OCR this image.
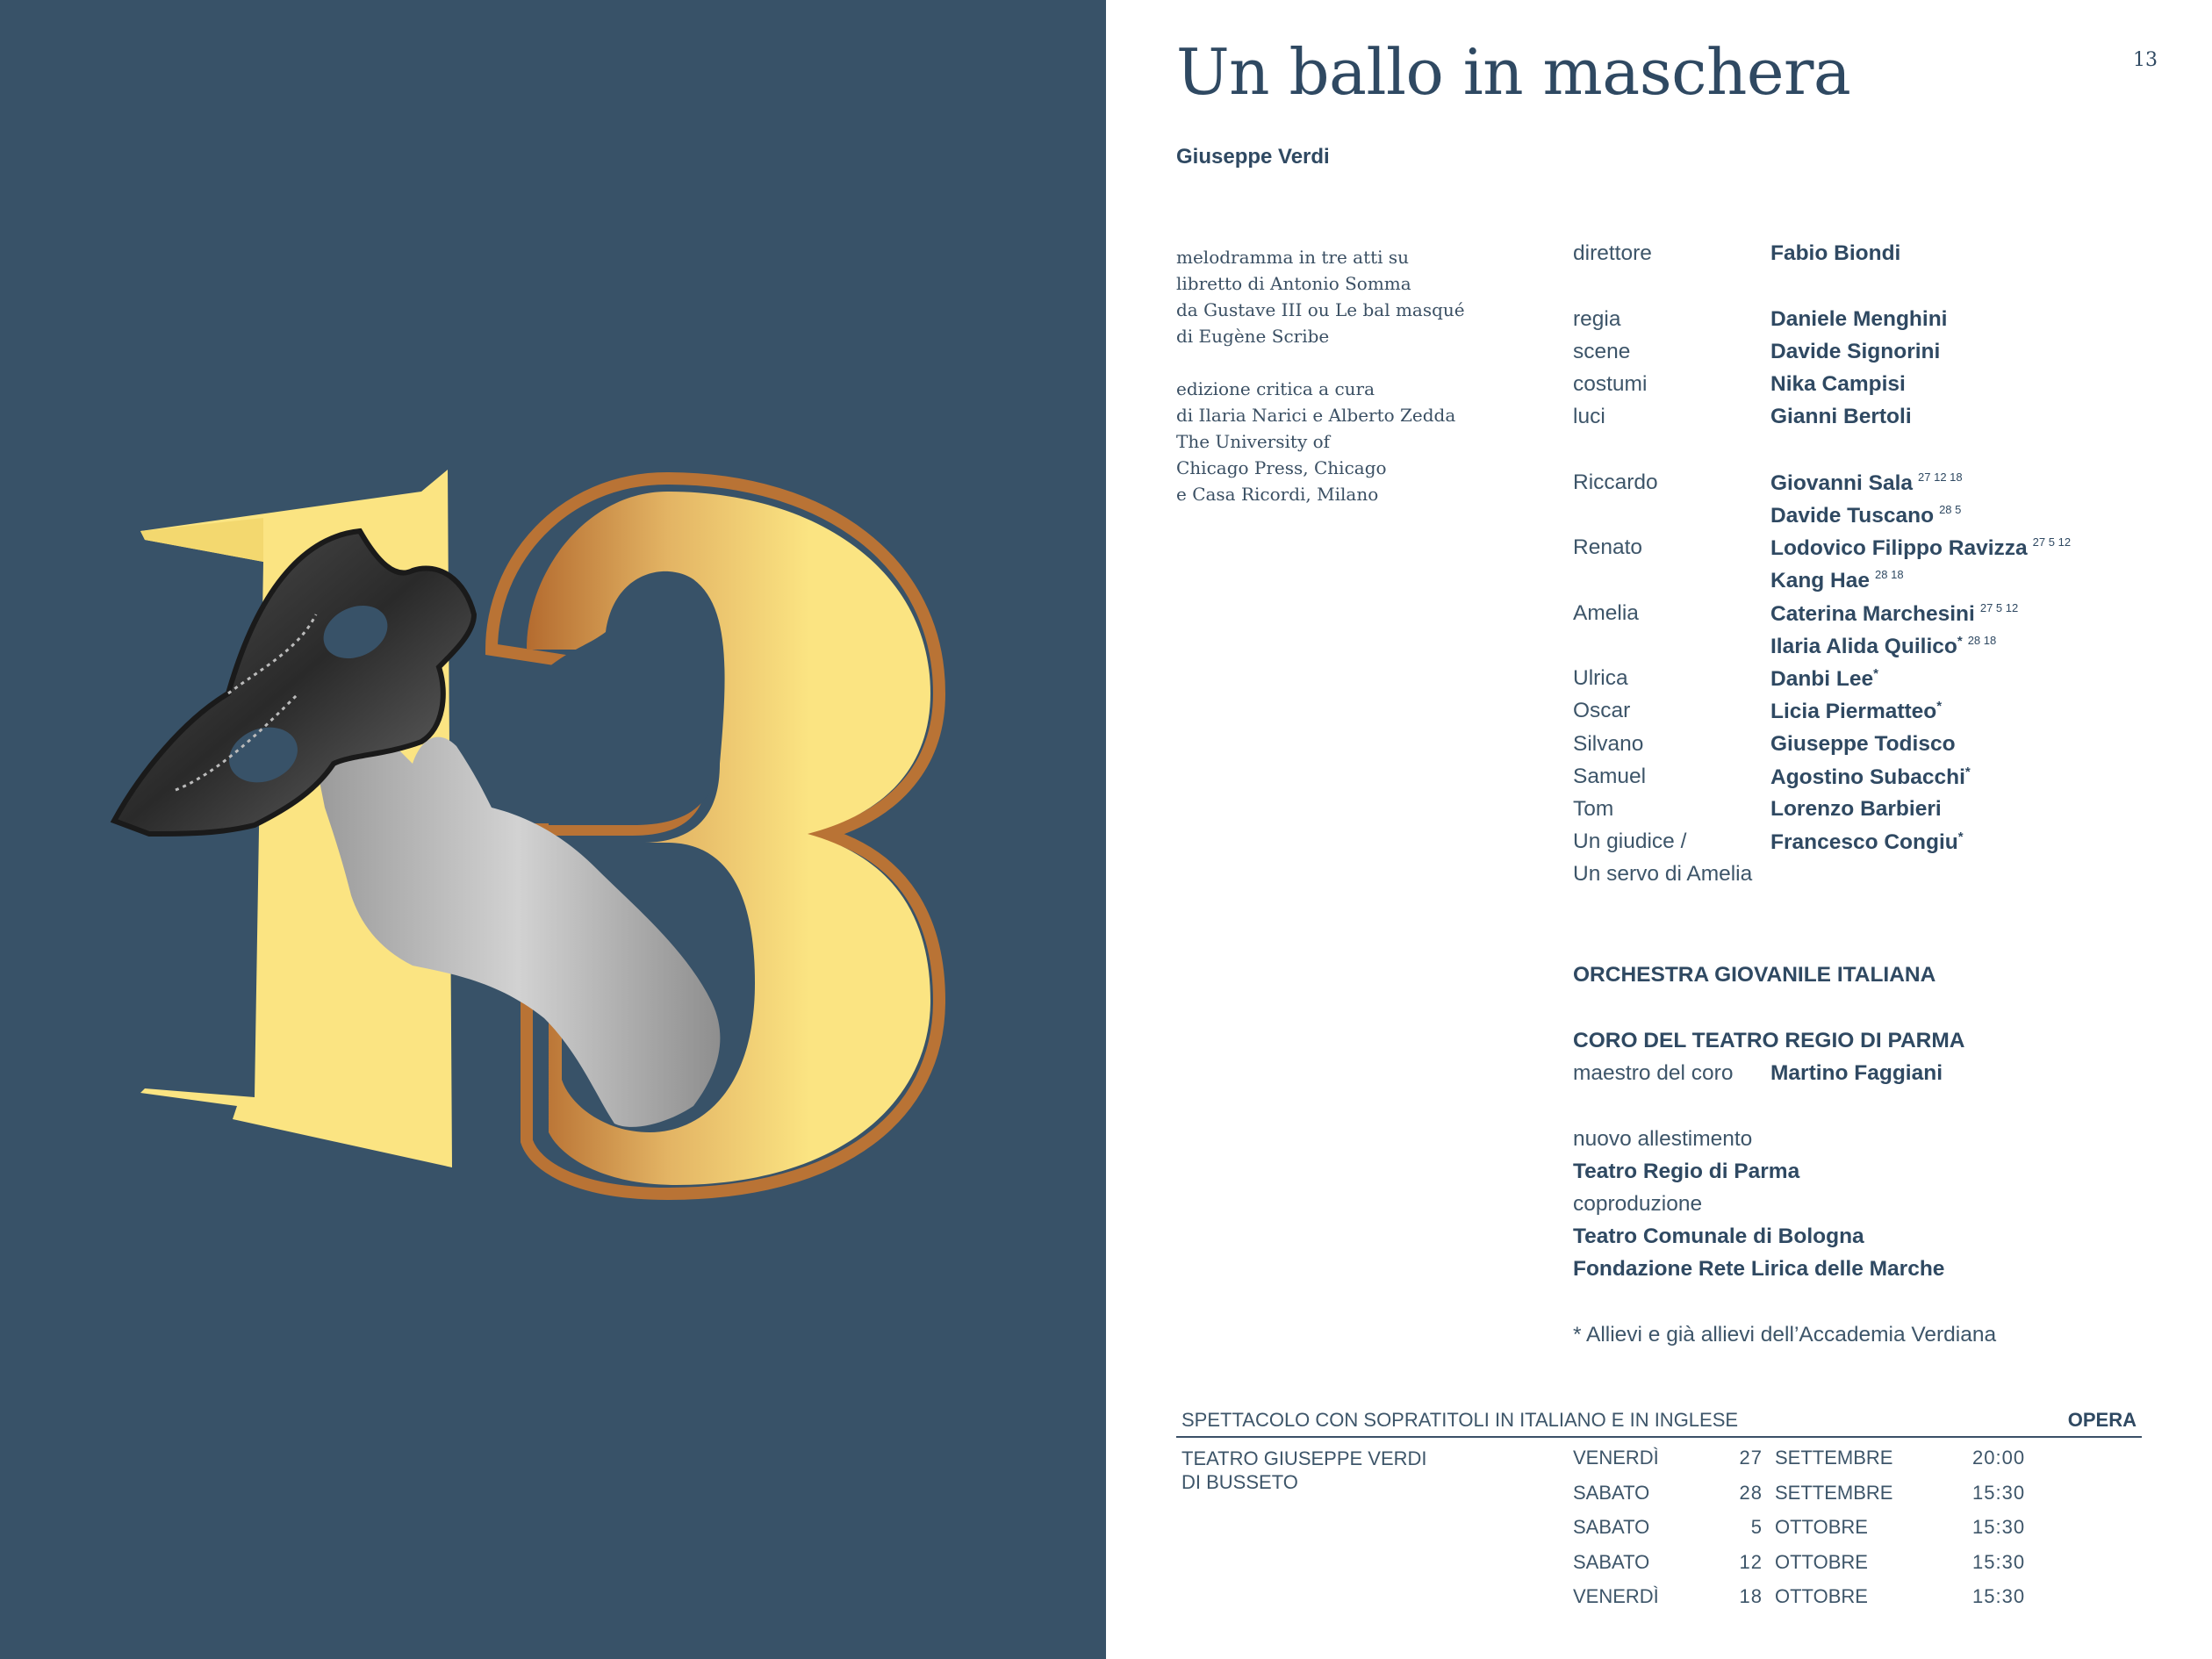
Un ballo in maschera	13
Giuseppe Verdi
melodramma in tre atti su
libretto di Antonio Somma
da Gustave III ou Le bal masqué
di Eugène Scribe
edizione critica a cura
di Ilaria Narici e Alberto Zedda
The University of
Chicago Press, Chicago
e Casa Ricordi, Milano
direttore	Fabio Biondi
regia	Daniele Menghini
scene	Davide Signorini
costumi	Nika Campisi
luci	Gianni Bertoli
Riccardo	Giovanni Sala $^{27 12 18}$
Davide Tuscano $^{28 5}$
Renato	Lodovico Filippo Ravizza $^{27 5 12}$
Kang Hae $^{28 18}$
Amelia	Caterina Marchesini $^{27 5 12}$
Ilaria Alida Quilico* $^{28 18}$
Ulrica	Danbi Lee*
Oscar	Licia Piermatteo*
Silvano	Giuseppe Todisco
Samuel	Agostino Subacchi*
Tom	Lorenzo Barbieri
Un giudice /	Francesco Congiu*
Un servo di Amelia
ORCHESTRA GIOVANILE ITALIANA
CORO DEL TEATRO REGIO DI PARMA
maestro del coro Martino Faggiani
nuovo allestimento
Teatro Regio di Parma
coproduzione
Teatro Comunale di Bologna
Fondazione Rete Lirica delle Marche
* Allievi e già allievi dell’Accademia Verdiana
SPETTACOLO CON SOPRATITOLI IN ITALIANO E IN INGLESE	OPERA
TEATRO GIUSEPPE VERDI
DI BUSSETO
VENERDÌ	27 SETTEMBRE	20:00
SABATO	28 SETTEMBRE	15:30
SABATO	5 OTTOBRE	15:30
SABATO	12 OTTOBRE	15:30
VENERDÌ	18 OTTOBRE	15:30
